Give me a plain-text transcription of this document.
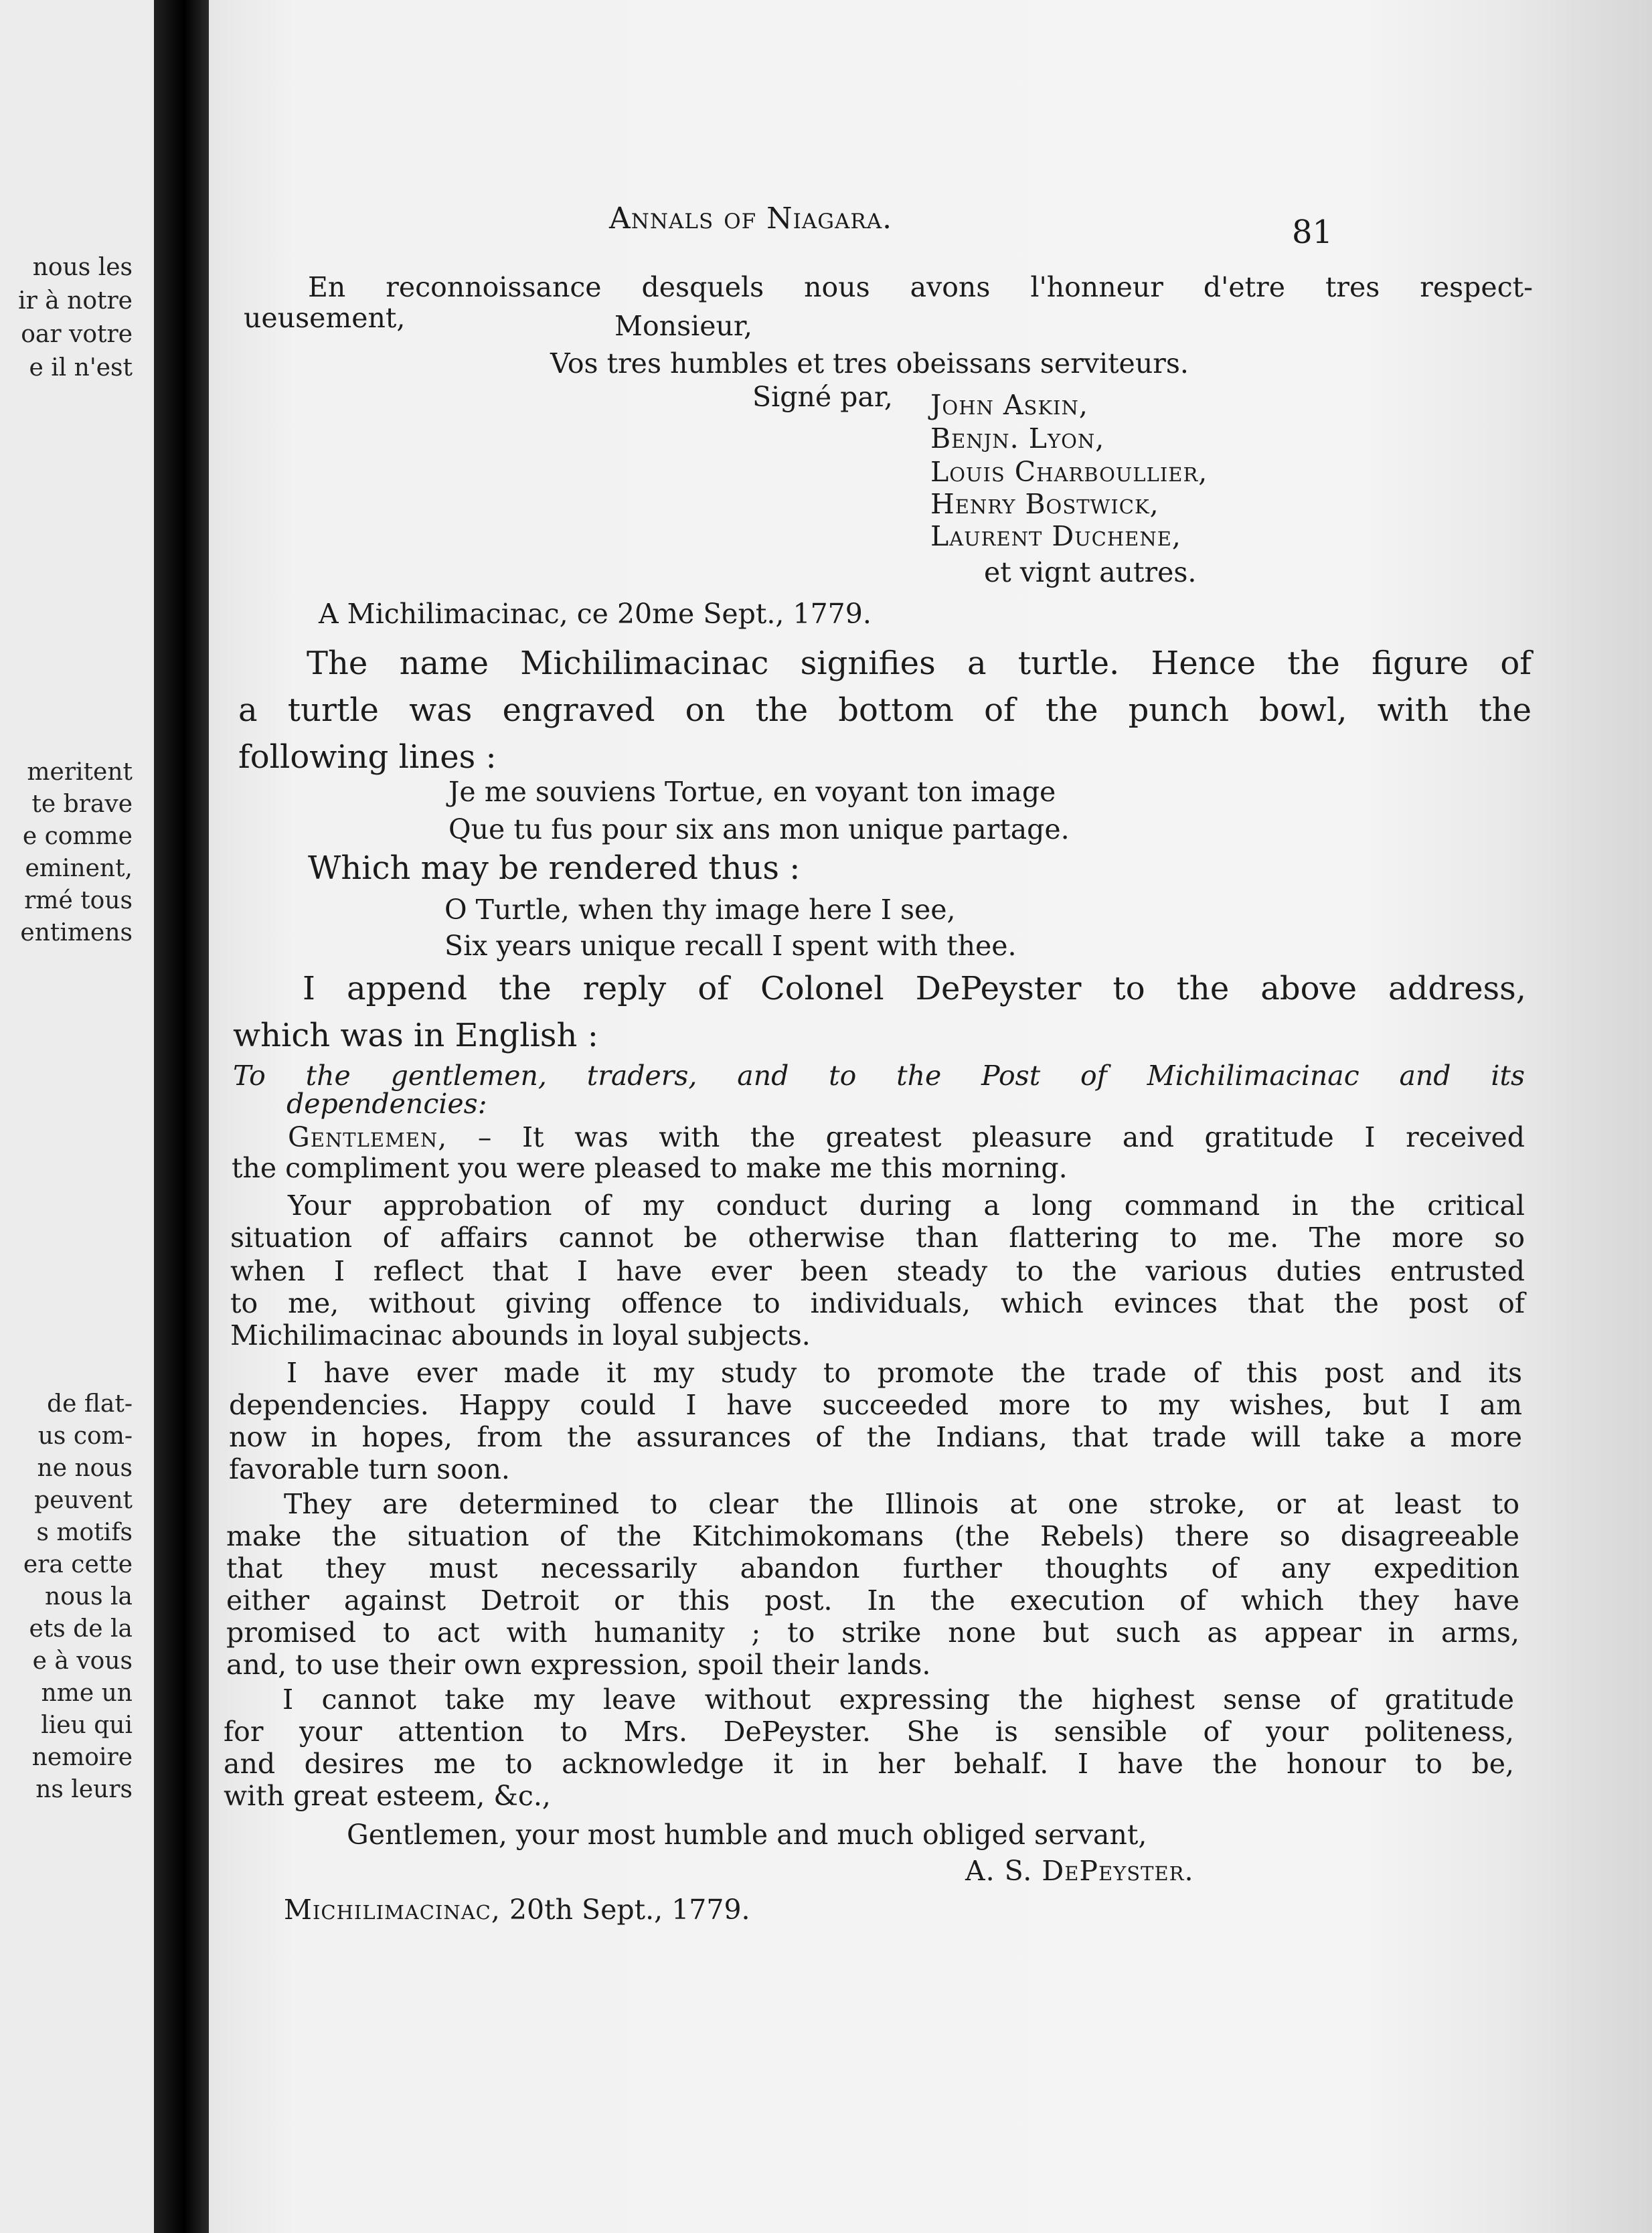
nous les
ir à notre
oar votre
e il n'est
meritent
te brave
e comme
eminent,
rmé tous
entimens
de flat-
us com-
ne nous
peuvent
s motifs
era cette
nous la
ets de la
e à vous
nme un
lieu qui
nemoire
ns leurs
Annals of Niagara.	81
En reconnoissance desquels nous avons l'honneur d'etre tres respect-
ueusement,	Monsieur,
Vos tres humbles et tres obeissans serviteurs.
Signé par, John Askin,
Benjn. Lyon,
Louis Charboullier,
Henry Bostwick,
Laurent Duchene,
et vignt autres.
A Michilimacinac, ce 20me Sept., 1779.
The name Michilimacinac signifies a turtle. Hence the figure of
a turtle was engraved on the bottom of the punch bowl, with the
following lines :
Je me souviens Tortue, en voyant ton image
Que tu fus pour six ans mon unique partage.
Which may be rendered thus :
O Turtle, when thy image here I see,
Six years unique recall I spent with thee.
I append the reply of Colonel DePeyster to the above address,
which was in English :
To the gentlemen, traders, and to the Post of Michilimacinac and its
dependencies:
Gentlemen, – It was with the greatest pleasure and gratitude I received
the compliment you were pleased to make me this morning.
Your approbation of my conduct during a long command in the critical
situation of affairs cannot be otherwise than flattering to me. The more so
when I reflect that I have ever been steady to the various duties entrusted
to me, without giving offence to individuals, which evinces that the post of
Michilimacinac abounds in loyal subjects.
I have ever made it my study to promote the trade of this post and its
dependencies. Happy could I have succeeded more to my wishes, but I am
now in hopes, from the assurances of the Indians, that trade will take a more
favorable turn soon.
They are determined to clear the Illinois at one stroke, or at least to
make the situation of the Kitchimokomans (the Rebels) there so disagreeable
that they must necessarily abandon further thoughts of any expedition
either against Detroit or this post. In the execution of which they have
promised to act with humanity ; to strike none but such as appear in arms,
and, to use their own expression, spoil their lands.
I cannot take my leave without expressing the highest sense of gratitude
for your attention to Mrs. DePeyster. She is sensible of your politeness,
and desires me to acknowledge it in her behalf. I have the honour to be,
with great esteem, &c.,
Gentlemen, your most humble and much obliged servant,
A. S. DePeyster.
Michilimacinac, 20th Sept., 1779.
